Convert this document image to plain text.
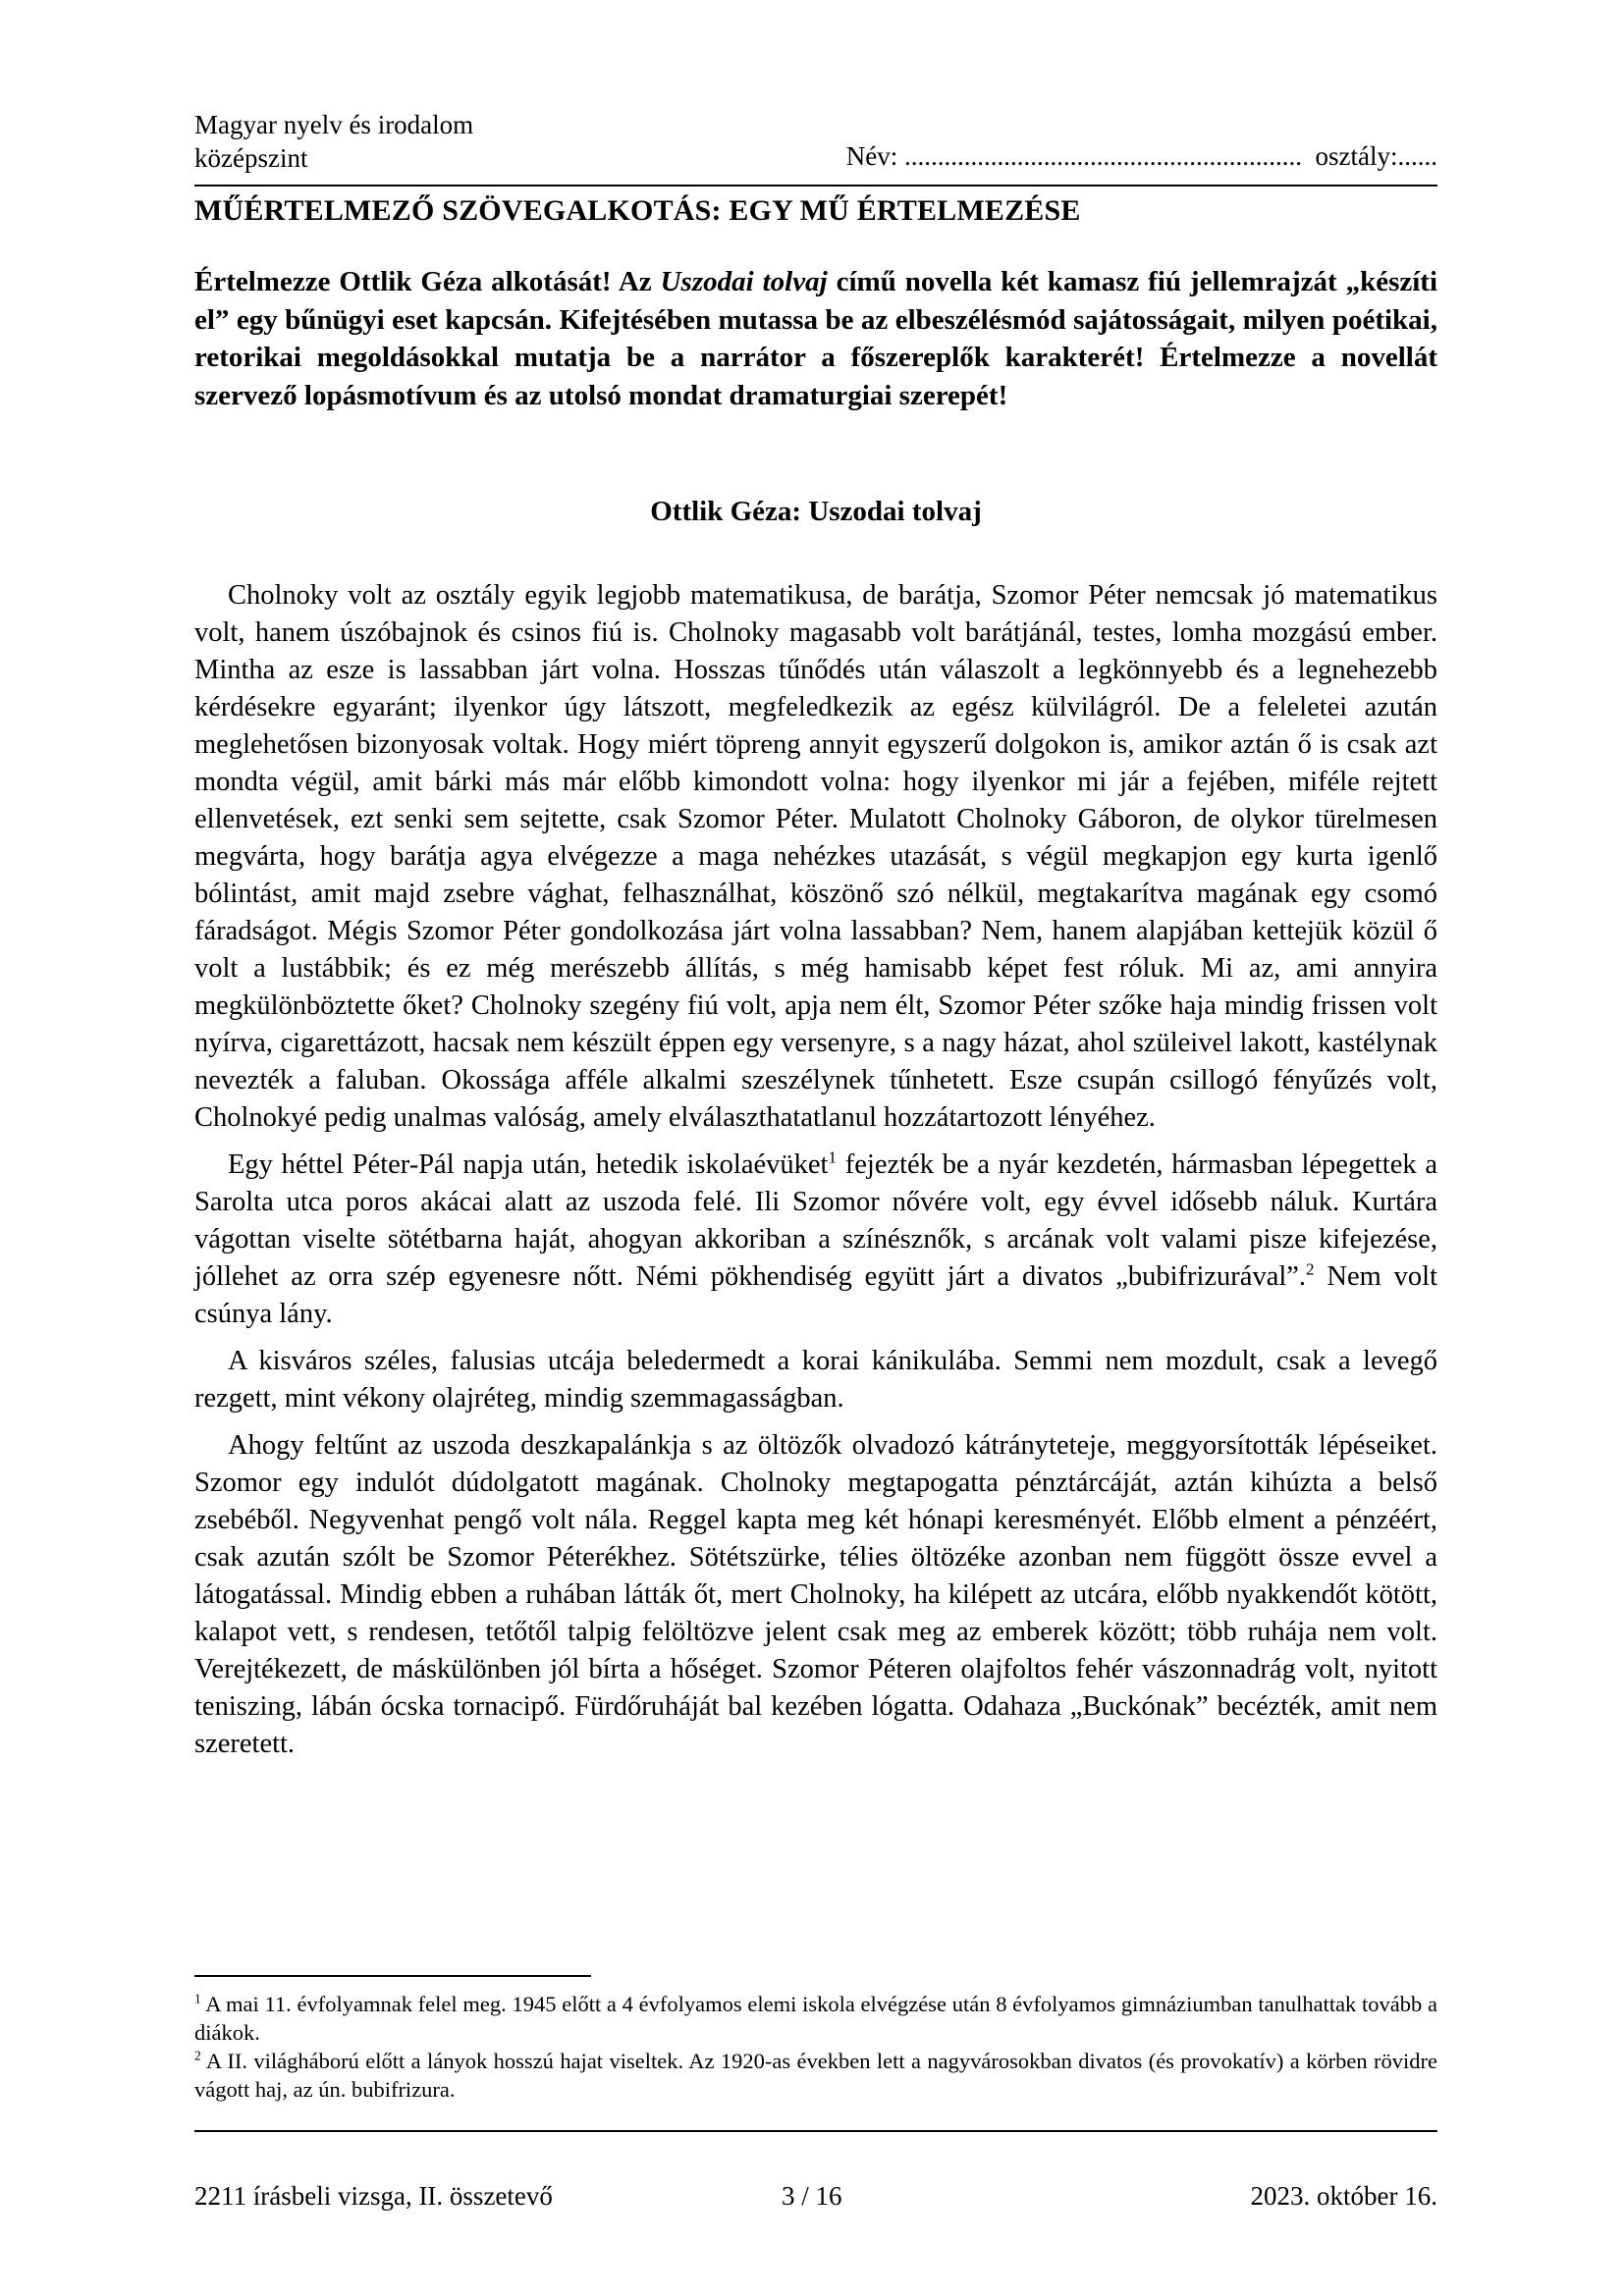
Magyar nyelv és irodalom
középszint	Név: ............................................................  osztály:......
MŰÉRTELMEZŐ SZÖVEGALKOTÁS: EGY MŰ ÉRTELMEZÉSE
Értelmezze Ottlik Géza alkotását! Az Uszodai tolvaj című novella két kamasz fiú jellemrajzát „készíti el” egy bűnügyi eset kapcsán. Kifejtésében mutassa be az elbeszélésmód sajátosságait, milyen poétikai, retorikai megoldásokkal mutatja be a narrátor a főszereplők karakterét! Értelmezze a novellát szervező lopásmotívum és az utolsó mondat dramaturgiai szerepét!
Ottlik Géza: Uszodai tolvaj

Cholnoky volt az osztály egyik legjobb matematikusa, de barátja, Szomor Péter nemcsak jó matematikus volt, hanem úszóbajnok és csinos fiú is. Cholnoky magasabb volt barátjánál, testes, lomha mozgású ember. Mintha az esze is lassabban járt volna. Hosszas tűnődés után válaszolt a legkönnyebb és a legnehezebb kérdésekre egyaránt; ilyenkor úgy látszott, megfeledkezik az egész külvilágról. De a feleletei azután meglehetősen bizonyosak voltak. Hogy miért töpreng annyit egyszerű dolgokon is, amikor aztán ő is csak azt mondta végül, amit bárki más már előbb kimondott volna: hogy ilyenkor mi jár a fejében, miféle rejtett ellenvetések, ezt senki sem sejtette, csak Szomor Péter. Mulatott Cholnoky Gáboron, de olykor türelmesen megvárta, hogy barátja agya elvégezze a maga nehézkes utazását, s végül megkapjon egy kurta igenlő bólintást, amit majd zsebre vághat, felhasználhat, köszönő szó nélkül, megtakarítva magának egy csomó fáradságot. Mégis Szomor Péter gondolkozása járt volna lassabban? Nem, hanem alapjában kettejük közül ő volt a lustábbik; és ez még merészebb állítás, s még hamisabb képet fest róluk. Mi az, ami annyira megkülönböztette őket? Cholnoky szegény fiú volt, apja nem élt, Szomor Péter szőke haja mindig frissen volt nyírva, cigarettázott, hacsak nem készült éppen egy versenyre, s a nagy házat, ahol szüleivel lakott, kastélynak nevezték a faluban. Okossága afféle alkalmi szeszélynek tűnhetett. Esze csupán csillogó fényűzés volt, Cholnokyé pedig unalmas valóság, amely elválaszthatatlanul hozzátartozott lényéhez.

Egy héttel Péter-Pál napja után, hetedik iskolaévüket$^1$ fejezték be a nyár kezdetén, hármasban lépegettek a Sarolta utca poros akácai alatt az uszoda felé. Ili Szomor nővére volt, egy évvel idősebb náluk. Kurtára vágottan viselte sötétbarna haját, ahogyan akkoriban a színésznők, s arcának volt valami pisze kifejezése, jóllehet az orra szép egyenesre nőtt. Némi pökhendiség együtt járt a divatos „bubifrizurával”.$^2$ Nem volt csúnya lány.

A kisváros széles, falusias utcája beledermedt a korai kánikulába. Semmi nem mozdult, csak a levegő rezgett, mint vékony olajréteg, mindig szemmagasságban.

Ahogy feltűnt az uszoda deszkapalánkja s az öltözők olvadozó kátrányteteje, meggyorsították lépéseiket. Szomor egy indulót dúdolgatott magának. Cholnoky megtapogatta pénztárcáját, aztán kihúzta a belső zsebéből. Negyvenhat pengő volt nála. Reggel kapta meg két hónapi keresményét. Előbb elment a pénzéért, csak azután szólt be Szomor Péterékhez. Sötétszürke, télies öltözéke azonban nem függött össze evvel a látogatással. Mindig ebben a ruhában látták őt, mert Cholnoky, ha kilépett az utcára, előbb nyakkendőt kötött, kalapot vett, s rendesen, tetőtől talpig felöltözve jelent csak meg az emberek között; több ruhája nem volt. Verejtékezett, de máskülönben jól bírta a hőséget. Szomor Péteren olajfoltos fehér vászonnadrág volt, nyitott teniszing, lábán ócska tornacipő. Fürdőruháját bal kezében lógatta. Odahaza „Buckónak” becézték, amit nem szeretett.

$^1$ A mai 11. évfolyamnak felel meg. 1945 előtt a 4 évfolyamos elemi iskola elvégzése után 8 évfolyamos gimnáziumban tanulhattak tovább a diákok.

$^2$ A II. világháború előtt a lányok hosszú hajat viseltek. Az 1920-as években lett a nagyvárosokban divatos (és provokatív) a körben rövidre vágott haj, az ún. bubifrizura.

2211 írásbeli vizsga, II. összetevő	3 / 16	2023. október 16.
